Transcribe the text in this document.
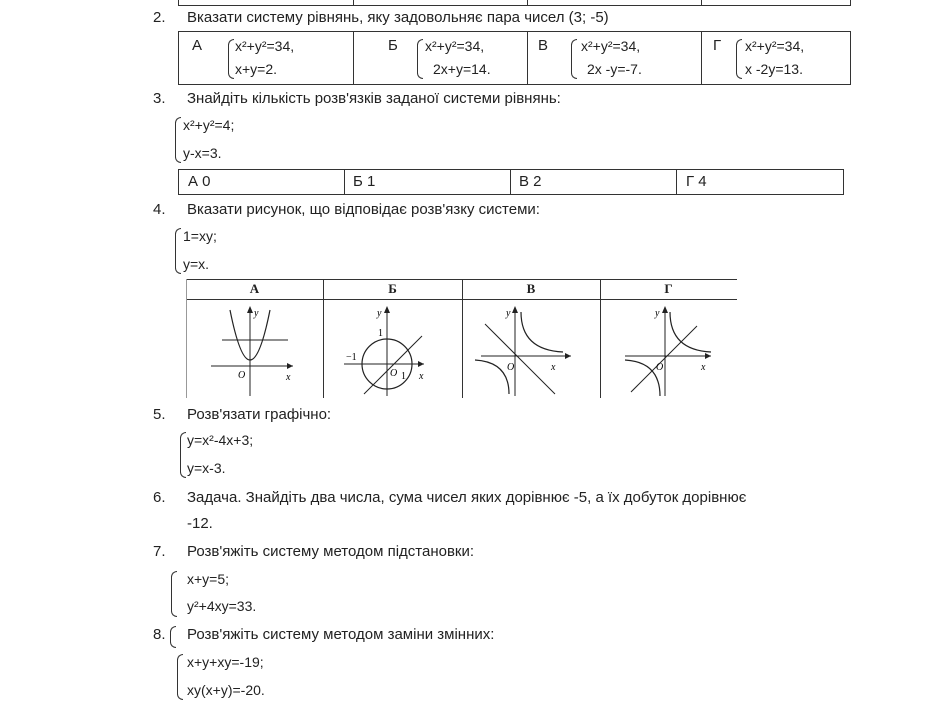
2. Вказати систему рівнянь, яку задовольняє пара чисел (3; -5)
А x²+y²=34,
x+y=2.
Б	x²+y²=34,
2x+y=14.
В x²+y²=34,
2x -y=-7.
Г x²+y²=34,
x -2y=13.
3. Знайдіть кількість розв'язків заданої системи рівнянь:
x²+y²=4;
y-x=3.
А 0	Б 1	В 2	Г 4
4. Вказати рисунок, що відповідає розв'язку системи:
1=xy;
y=x.
А	Б	В	Г
y
x
O
y
1
−1
O 1 x
y
O	x
y
O	x
5. Розв'язати графічно:
y=x²-4x+3;
y=x-3.
6. Задача. Знайдіть два числа, сума чисел яких дорівнює -5, а їх добуток дорівнює
-12.
7. Розв'яжіть систему методом підстановки:
x+y=5;
y²+4xy=33.
8. Розв'яжіть систему методом заміни змінних:
x+y+xy=-19;
xy(x+y)=-20.
